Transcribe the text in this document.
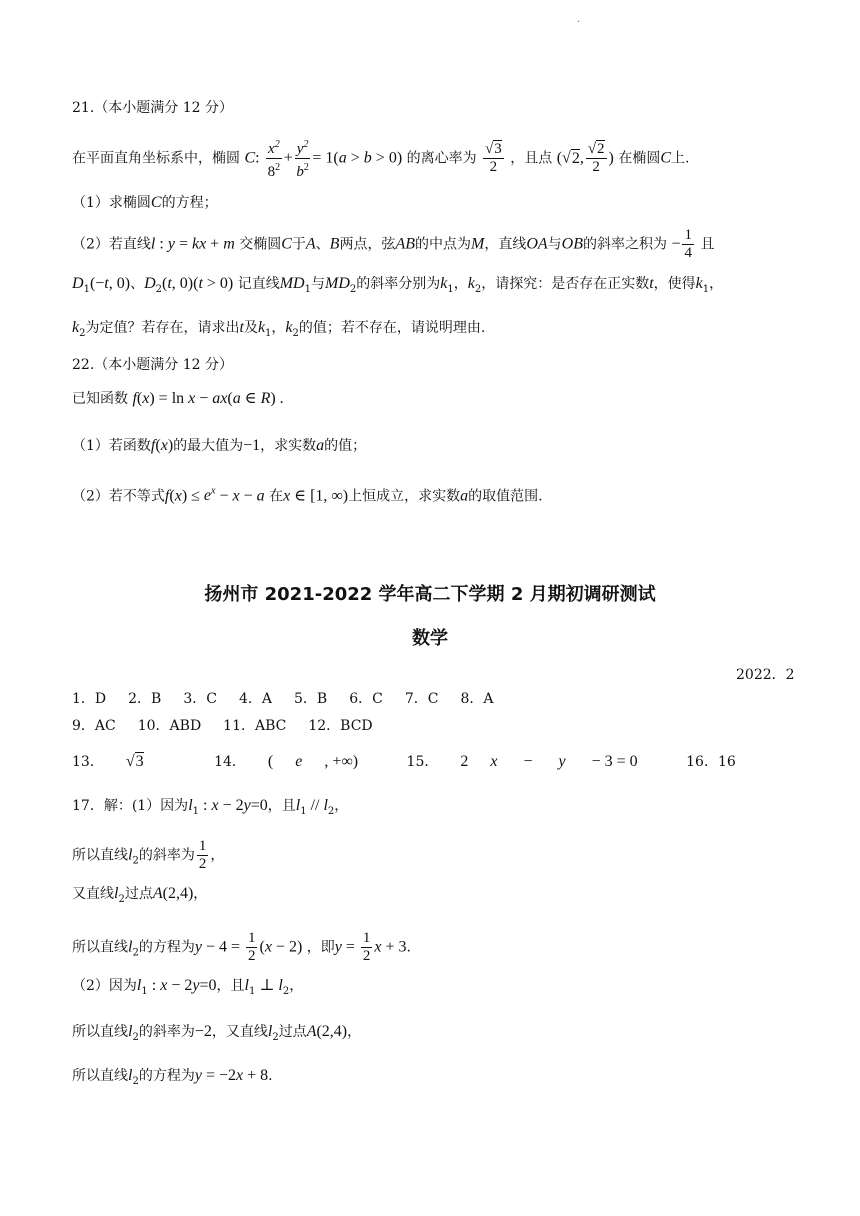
.
21.（本小题满分 12 分）
在平面直角坐标系中，椭圆 C: $\frac{x^2}{8^2} + \frac{y^2}{b^2} = 1(a > b > 0)$ 的离心率为 $\frac{√3}{2}$ ，且点 (√2, $\frac{√2}{2}$ ) 在椭圆C上.
（1）求椭圆C的方程；
（2）若直线l : y = kx + m 交椭圆C于A、B两点，弦AB的中点为M，直线OA与OB的斜率之积为 − $\frac{1}{4}$ 且
$D_1(-t$, 0)、$D_2(t$, 0)(t > 0) 记直线$MD_1$与$MD_2$的斜率分别为$k_1$，$k_2$，请探究：是否存在正实数t，使得$k_1$，
$k_2$为定值？若存在，请求出t及$k_1$，$k_2$的值；若不存在，请说明理由.
22.（本小题满分 12 分）
已知函数 f(x) = ln x − ax(a ∈ R) .
（1）若函数f(x)的最大值为−1，求实数a的值；
（2）若不等式$f(x) \le e^x - x - a$ 在x ∈ [1, ∞)上恒成立，求实数a的取值范围.
扬州市 2021-2022 学年高二下学期 2 月期初调研测试
数学
2022．2
1．D 2．B 3．C 4．A 5．B 6．C 7．C 8．A
9．AC 10．ABD 11．ABC 12．BCD
13． √3	14． ( e , +∞)	15． 2 x − y − 3 = 0	16．16
17．解：(1）因为$l_1$ : x − 2y=0，且$l_1 // l_2$，
所以直线$l_2$的斜率为 $\frac{1}{2}$ ，
又直线$l_2$过点A(2,4)，
所以直线$l_2$的方程为$y - 4 = \frac{1}{2} (x - 2)$ ，即$y = \frac{1}{2}$ x + 3.
（2）因为$l_1$ : x − 2y=0，且$l_1$ ⊥ $l_2$，
所以直线$l_2$的斜率为−2，又直线$l_2$过点A(2,4)，
所以直线$l_2$的方程为y = −2x + 8.
